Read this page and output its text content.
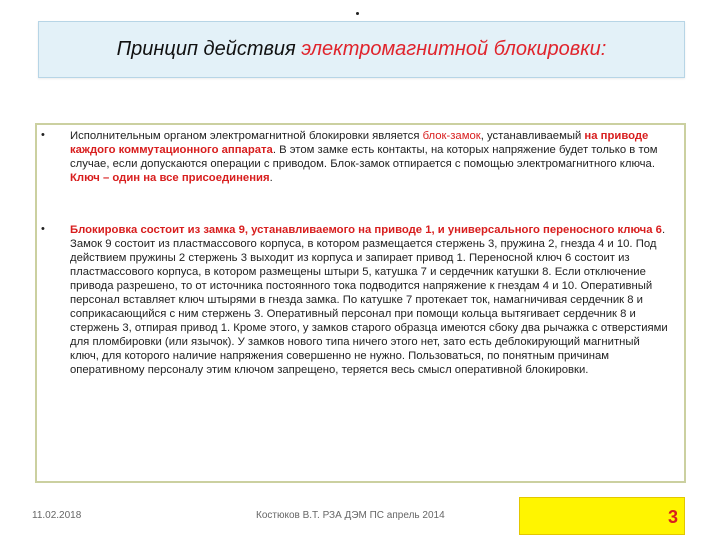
Принцип действия электромагнитной блокировки:
• Исполнительным органом электромагнитной блокировки является блок-замок, устанавливаемый на приводе каждого коммутационного аппарата. В этом замке есть контакты, на которых напряжение будет только в том случае, если допускаются операции с приводом. Блок-замок отпирается с помощью электромагнитного ключа. Ключ – один на все присоединения.
• Блокировка состоит из замка 9, устанавливаемого на приводе 1, и универсального переносного ключа 6. Замок 9 состоит из пластмассового корпуса, в котором размещается стержень 3, пружина 2, гнезда 4 и 10. Под действием пружины 2 стержень 3 выходит из корпуса и запирает привод 1. Переносной ключ 6 состоит из пластмассового корпуса, в котором размещены штыри 5, катушка 7 и сердечник катушки 8. Если отключение привода разрешено, то от источника постоянного тока подводится напряжение к гнездам 4 и 10. Оперативный персонал вставляет ключ штырями в гнезда замка. По катушке 7 протекает ток, намагничивая сердечник 8 и соприкасающийся с ним стержень 3. Оперативный персонал при помощи кольца вытягивает сердечник 8 и стержень 3, отпирая привод 1. Кроме этого, у замков старого образца имеются сбоку два рычажка с отверстиями для пломбировки (или язычок). У замков нового типа ничего этого нет, зато есть деблокирующий магнитный ключ, для которого наличие напряжения совершенно не нужно. Пользоваться, по понятным причинам оперативному персоналу этим ключом запрещено, теряется весь смысл оперативной блокировки.
11.02.2018	Костюков В.Т. РЗА ДЭМ ПС апрель 2014	3
